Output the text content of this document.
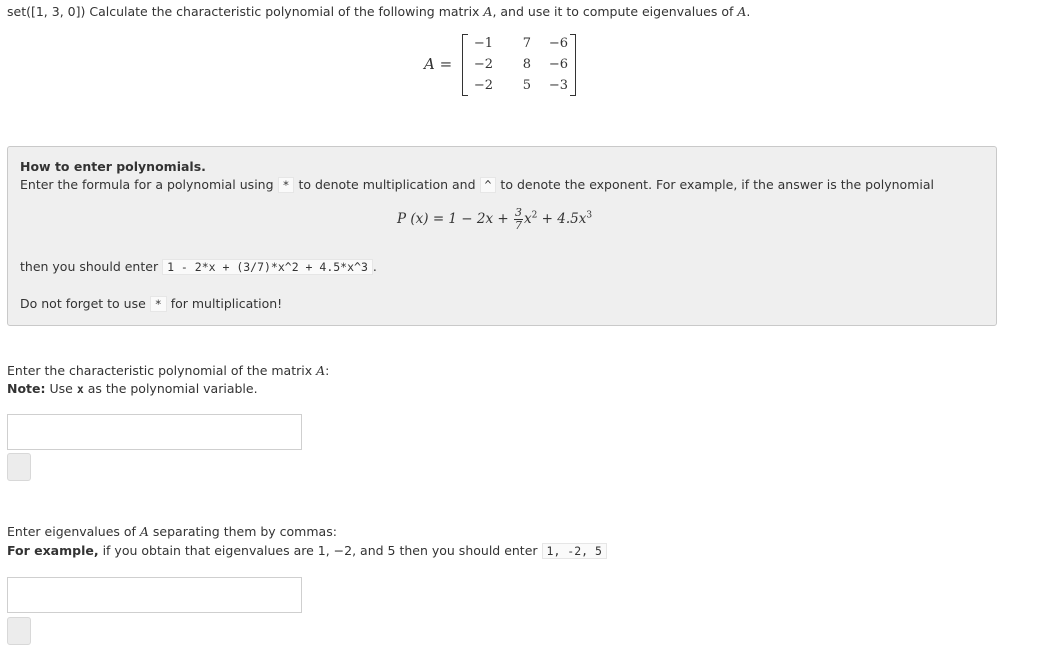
set([1, 3, 0]) Calculate the characteristic polynomial of the following matrix A, and use it to compute eigenvalues of A.
A =
−1	7	−6
−2	8	−6
−2	5	−3
How to enter polynomials.
Enter the formula for a polynomial using * to denote multiplication and ^ to denote the exponent. For example, if the answer is the polynomial
P $(x) = 1 - 2x + \frac{3}{7} x^2 + 4.5x^3$
then you should enter 1 - 2*x + (3/7)*x^2 + 4.5*x^3 .
Do not forget to use * for multiplication!
Enter the characteristic polynomial of the matrix A:
Note: Use x as the polynomial variable.
Enter eigenvalues of A separating them by commas:
For example, if you obtain that eigenvalues are 1, −2, and 5 then you should enter 1, -2, 5
